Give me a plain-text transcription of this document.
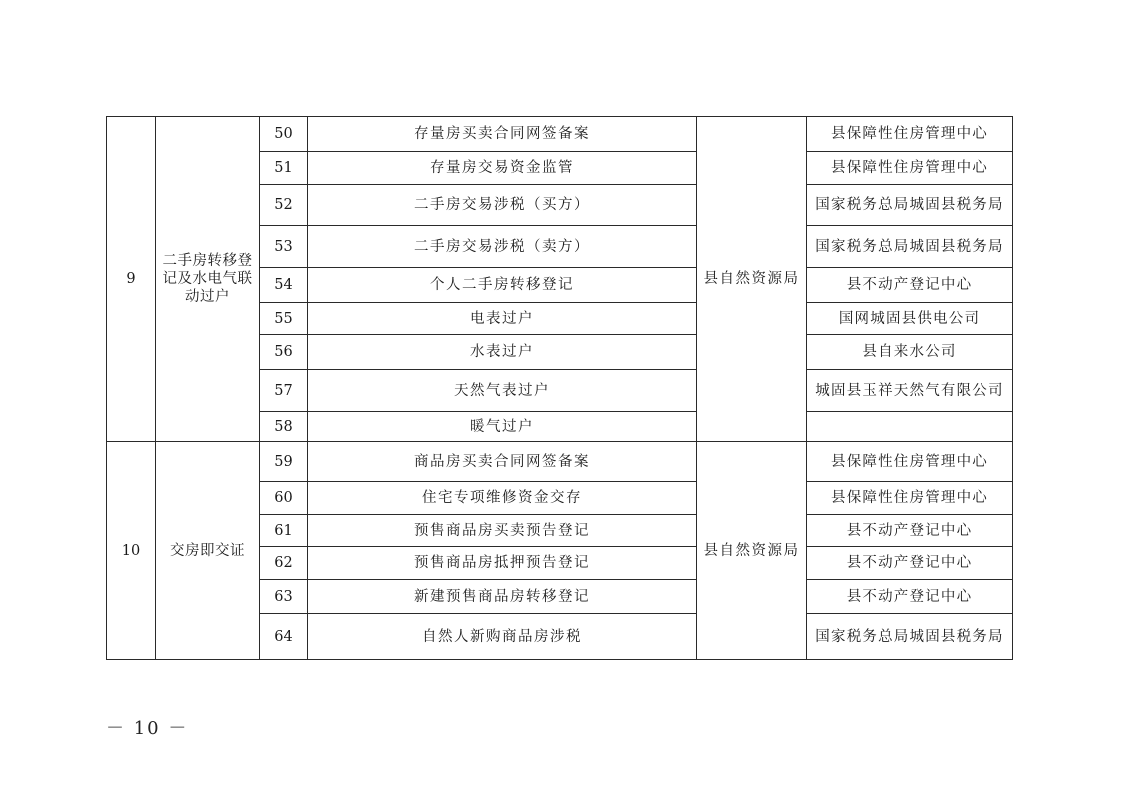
9	二手房转移登记及水电气联动过户	50	存量房买卖合同网签备案	县自然资源局	县保障性住房管理中心
		51	存量房交易资金监管		县保障性住房管理中心
		52	二手房交易涉税（买方）		国家税务总局城固县税务局
		53	二手房交易涉税（卖方）		国家税务总局城固县税务局
		54	个人二手房转移登记		县不动产登记中心
		55	电表过户		国网城固县供电公司
		56	水表过户		县自来水公司
		57	天然气表过户		城固县玉祥天然气有限公司
		58	暖气过户		
10	交房即交证	59	商品房买卖合同网签备案	县自然资源局	县保障性住房管理中心
		60	住宅专项维修资金交存		县保障性住房管理中心
		61	预售商品房买卖预告登记		县不动产登记中心
		62	预售商品房抵押预告登记		县不动产登记中心
		63	新建预售商品房转移登记		县不动产登记中心
		64	自然人新购商品房涉税		国家税务总局城固县税务局
－ 10 －
